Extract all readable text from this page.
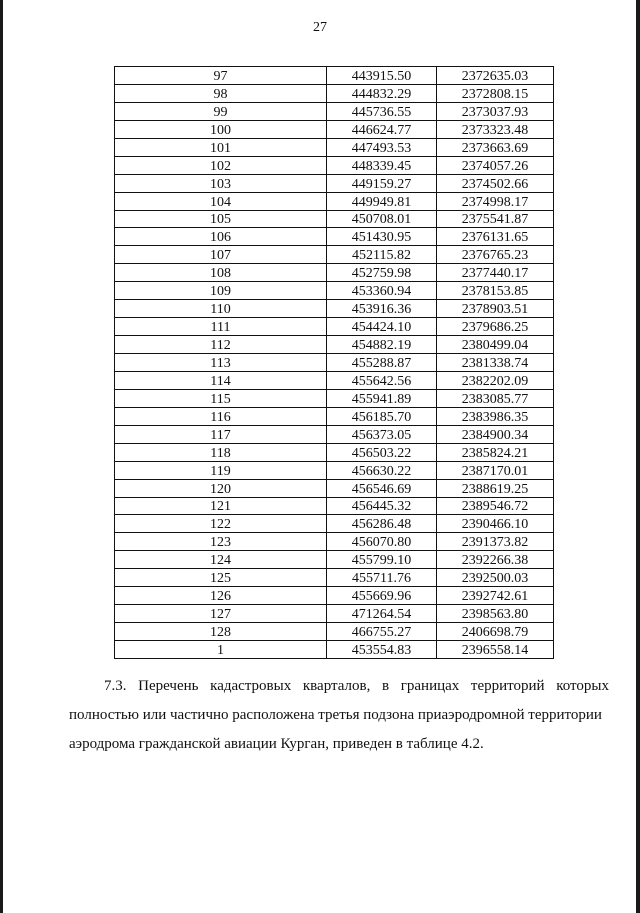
27
97	443915.50	2372635.03
98	444832.29	2372808.15
99	445736.55	2373037.93
100	446624.77	2373323.48
101	447493.53	2373663.69
102	448339.45	2374057.26
103	449159.27	2374502.66
104	449949.81	2374998.17
105	450708.01	2375541.87
106	451430.95	2376131.65
107	452115.82	2376765.23
108	452759.98	2377440.17
109	453360.94	2378153.85
110	453916.36	2378903.51
111	454424.10	2379686.25
112	454882.19	2380499.04
113	455288.87	2381338.74
114	455642.56	2382202.09
115	455941.89	2383085.77
116	456185.70	2383986.35
117	456373.05	2384900.34
118	456503.22	2385824.21
119	456630.22	2387170.01
120	456546.69	2388619.25
121	456445.32	2389546.72
122	456286.48	2390466.10
123	456070.80	2391373.82
124	455799.10	2392266.38
125	455711.76	2392500.03
126	455669.96	2392742.61
127	471264.54	2398563.80
128	466755.27	2406698.79
1	453554.83	2396558.14
7.3. Перечень кадастровых кварталов, в границах территорий которых
полностью или частично расположена третья подзона приаэродромной территории
аэродрома гражданской авиации Курган, приведен в таблице 4.2.
